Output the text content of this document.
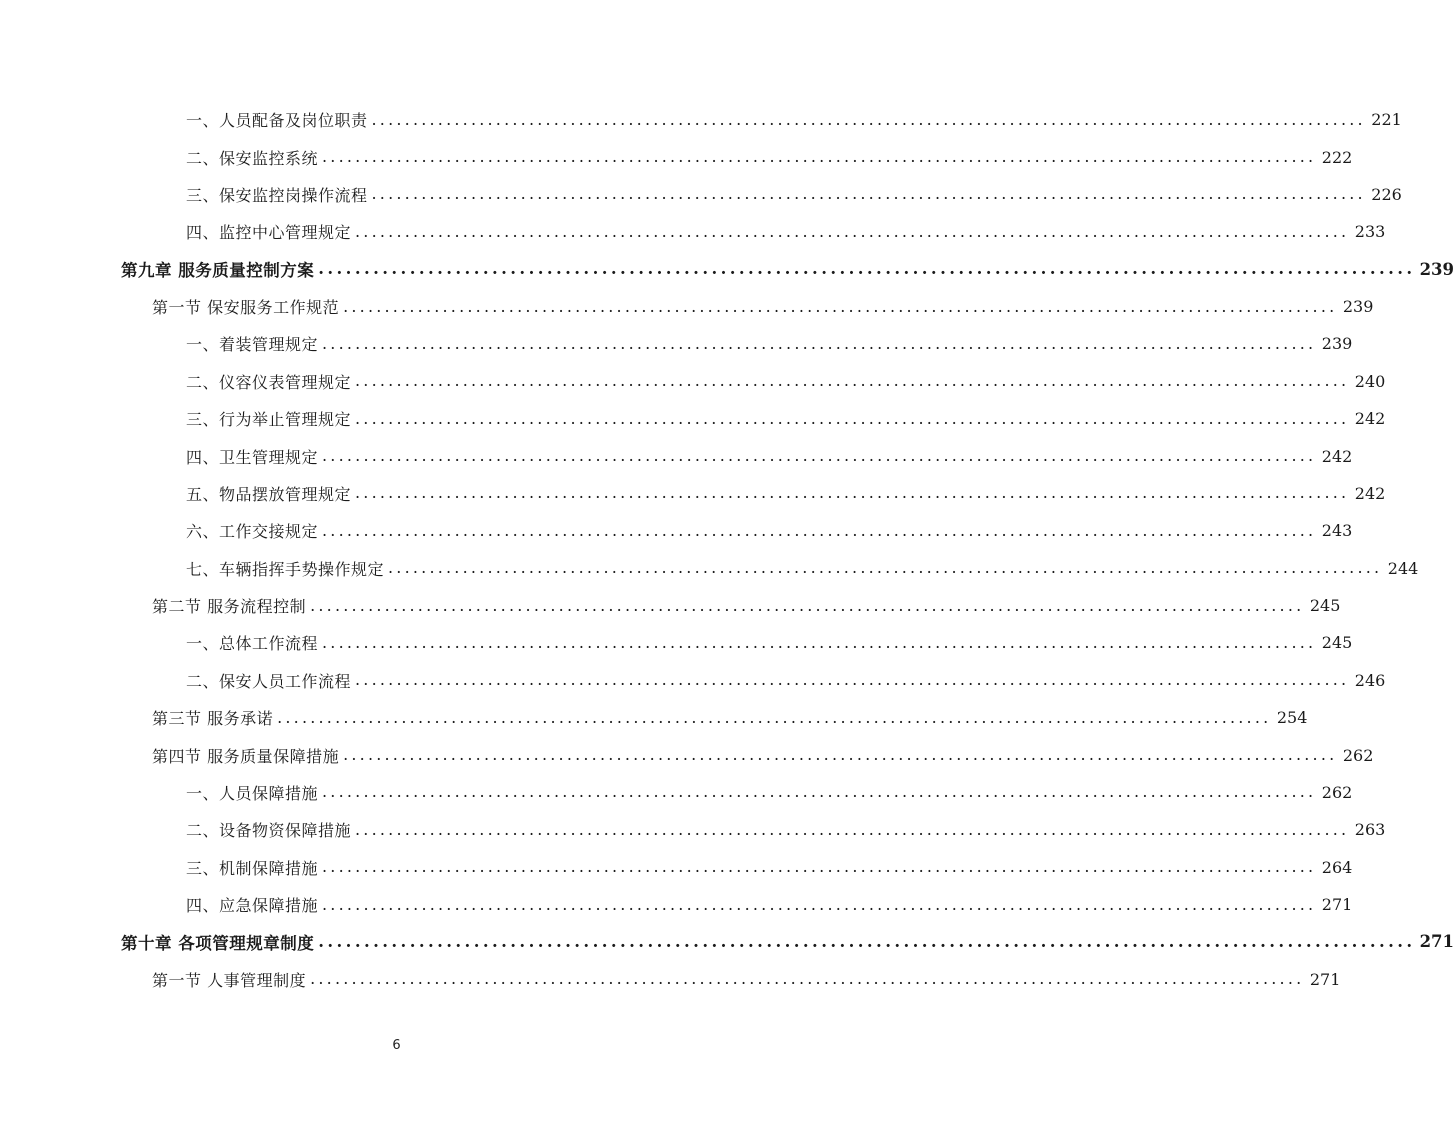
一、人员配备及岗位职责 ........................................................................................................................ 221
二、保安监控系统 ........................................................................................................................ 222
三、保安监控岗操作流程 ........................................................................................................................ 226
四、监控中心管理规定 ........................................................................................................................ 233
第九章 服务质量控制方案 ........................................................................................................................ 239
第一节 保安服务工作规范 ........................................................................................................................ 239
一、着装管理规定 ........................................................................................................................ 239
二、仪容仪表管理规定 ........................................................................................................................ 240
三、行为举止管理规定 ........................................................................................................................ 242
四、卫生管理规定 ........................................................................................................................ 242
五、物品摆放管理规定 ........................................................................................................................ 242
六、工作交接规定 ........................................................................................................................ 243
七、车辆指挥手势操作规定 ........................................................................................................................ 244
第二节 服务流程控制 ........................................................................................................................ 245
一、总体工作流程 ........................................................................................................................ 245
二、保安人员工作流程 ........................................................................................................................ 246
第三节 服务承诺 ........................................................................................................................ 254
第四节 服务质量保障措施 ........................................................................................................................ 262
一、人员保障措施 ........................................................................................................................ 262
二、设备物资保障措施 ........................................................................................................................ 263
三、机制保障措施 ........................................................................................................................ 264
四、应急保障措施 ........................................................................................................................ 271
第十章 各项管理规章制度 ........................................................................................................................ 271
第一节 人事管理制度 ........................................................................................................................ 271
6
